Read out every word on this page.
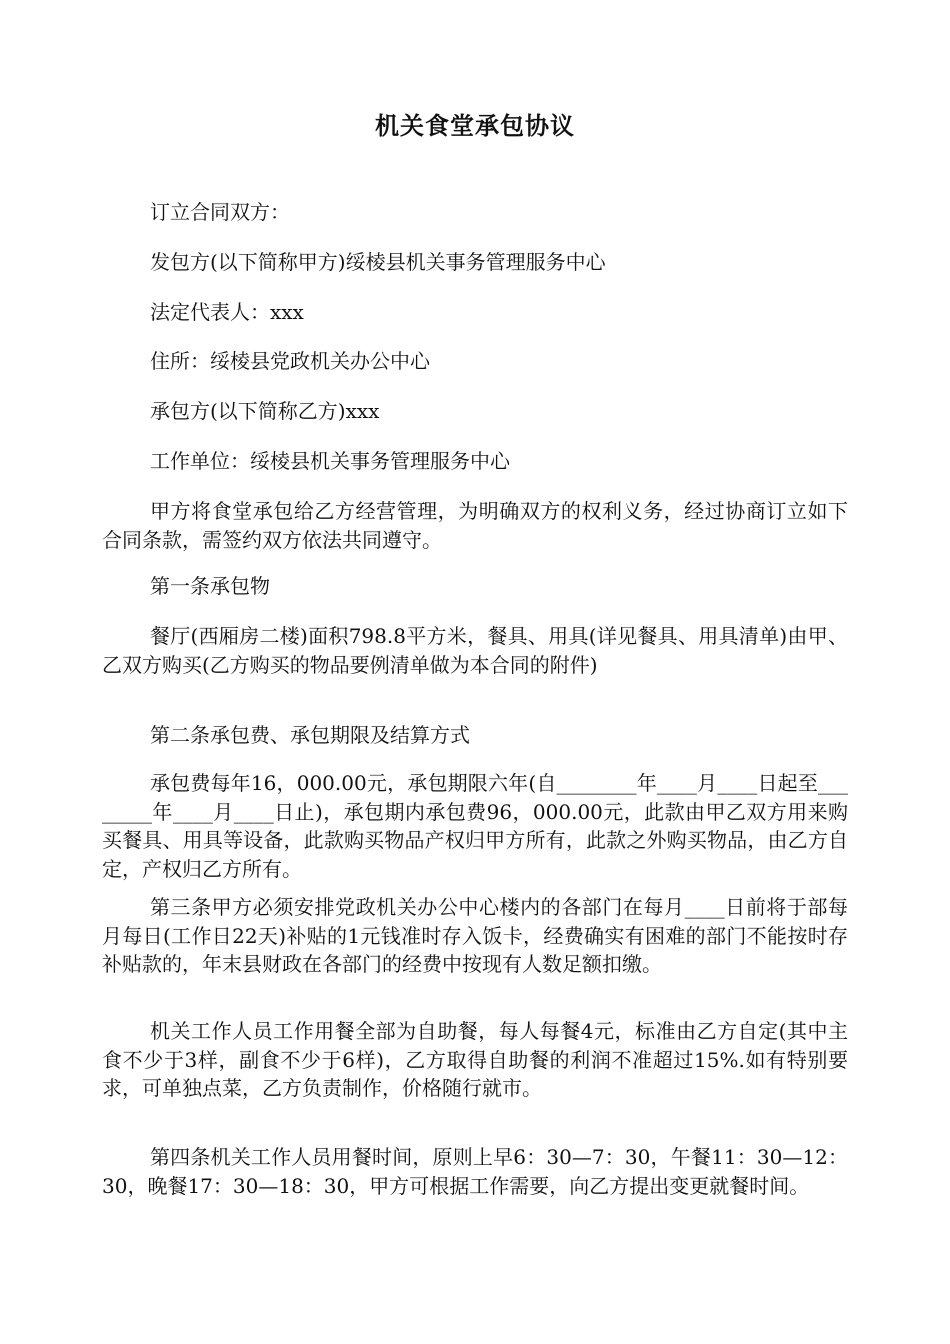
机关食堂承包协议

订立合同双方：

发包方(以下简称甲方)绥棱县机关事务管理服务中心

法定代表人：xxx

住所：绥棱县党政机关办公中心

承包方(以下简称乙方)xxx

工作单位：绥棱县机关事务管理服务中心

甲方将食堂承包给乙方经营管理，为明确双方的权利义务，经过协商订立如下合同条款，需签约双方依法共同遵守。

第一条承包物

餐厅(西厢房二楼)面积798.8平方米，餐具、用具(详见餐具、用具清单)由甲、乙双方购买(乙方购买的物品要例清单做为本合同的附件)

第二条承包费、承包期限及结算方式

承包费每年16，000.00元，承包期限六年(自________年____月____日起至________年____月____日止)，承包期内承包费96，000.00元，此款由甲乙双方用来购买餐具、用具等设备，此款购买物品产权归甲方所有，此款之外购买物品，由乙方自定，产权归乙方所有。

第三条甲方必须安排党政机关办公中心楼内的各部门在每月____日前将于部每月每日(工作日22天)补贴的1元钱准时存入饭卡，经费确实有困难的部门不能按时存补贴款的，年末县财政在各部门的经费中按现有人数足额扣缴。

机关工作人员工作用餐全部为自助餐，每人每餐4元，标准由乙方自定(其中主食不少于3样，副食不少于6样)，乙方取得自助餐的利润不准超过15%.如有特别要求，可单独点菜，乙方负责制作，价格随行就市。

第四条机关工作人员用餐时间，原则上早6：30—7：30，午餐11：30—12：30，晚餐17：30—18：30，甲方可根据工作需要，向乙方提出变更就餐时间。
